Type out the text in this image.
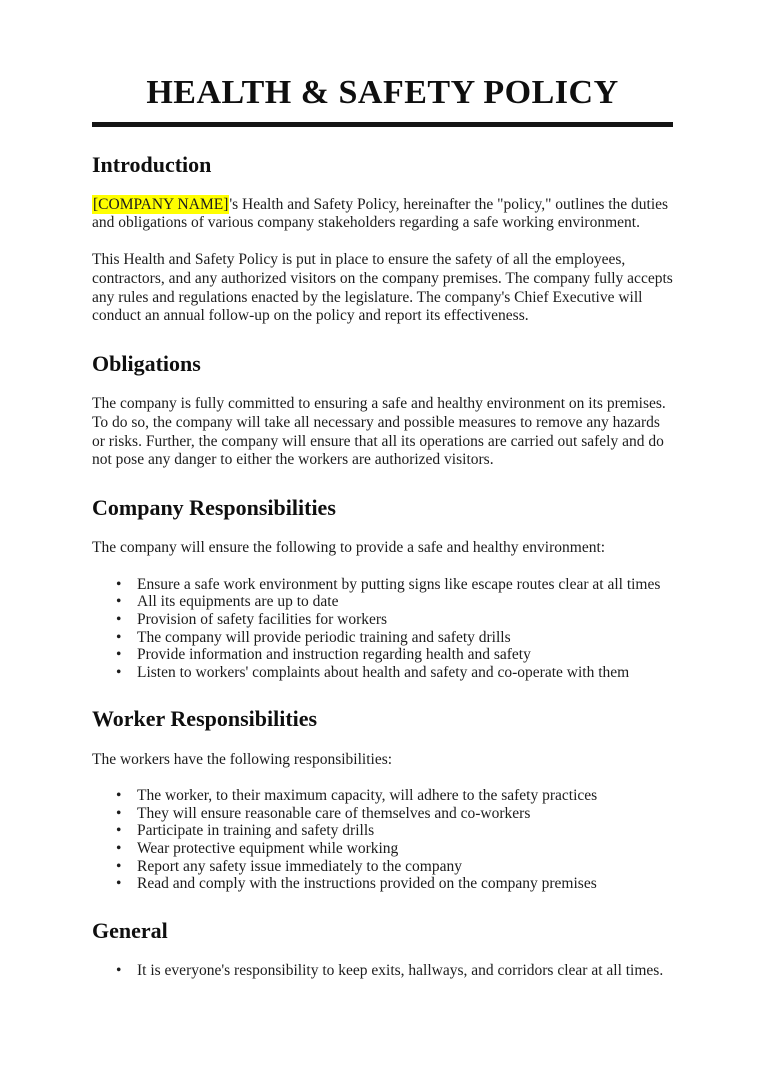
HEALTH & SAFETY POLICY
Introduction

[COMPANY NAME]'s Health and Safety Policy, hereinafter the "policy," outlines the duties and obligations of various company stakeholders regarding a safe working environment.

This Health and Safety Policy is put in place to ensure the safety of all the employees, contractors, and any authorized visitors on the company premises. The company fully accepts any rules and regulations enacted by the legislature. The company's Chief Executive will conduct an annual follow-up on the policy and report its effectiveness.

Obligations

The company is fully committed to ensuring a safe and healthy environment on its premises. To do so, the company will take all necessary and possible measures to remove any hazards or risks. Further, the company will ensure that all its operations are carried out safely and do not pose any danger to either the workers are authorized visitors.

Company Responsibilities

The company will ensure the following to provide a safe and healthy environment:

• Ensure a safe work environment by putting signs like escape routes clear at all times
• All its equipments are up to date
• Provision of safety facilities for workers
• The company will provide periodic training and safety drills
• Provide information and instruction regarding health and safety
• Listen to workers' complaints about health and safety and co-operate with them
Worker Responsibilities

The workers have the following responsibilities:

• The worker, to their maximum capacity, will adhere to the safety practices
• They will ensure reasonable care of themselves and co-workers
• Participate in training and safety drills
• Wear protective equipment while working
• Report any safety issue immediately to the company
• Read and comply with the instructions provided on the company premises
General
• It is everyone's responsibility to keep exits, hallways, and corridors clear at all times.
